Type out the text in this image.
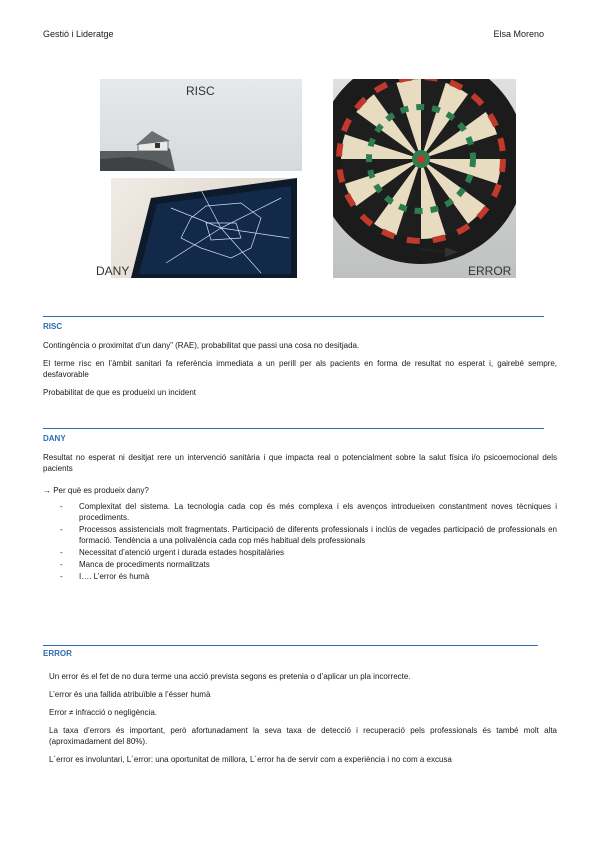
Gestió i Lideratge	Elsa Moreno
RISC
DANY	ERROR
RISC

Contingència o proximitat d’un dany” (RAE), probabilitat que passi una cosa no desitjada.

El terme risc en l’àmbit sanitari fa referència immediata a un perill per als pacients en forma de resultat no esperat i, gairebé sempre, desfavorable

Probabilitat de que es produeixi un incident

DANY

Resultat no esperat ni desitjat rere un intervenció sanitària i que impacta real o potencialment sobre la salut física i/o psicoemocional dels pacients

→ Per què es produeix dany?
- Complexitat del sistema. La tecnologia cada cop és més complexa i els avenços introdueixen constantment noves tècniques i procediments.
- Processos assistencials molt fragmentats. Participació de diferents professionals i inclús de vegades participació de professionals en formació. Tendència a una polivalència cada cop més habitual dels professionals
- Necessitat d’atenció urgent i durada estades hospitalàries
- Manca de procediments normalitzats
- I…. L’error és humà
ERROR

Un error és el fet de no dura terme una acció prevista segons es pretenia o d’aplicar un pla incorrecte.

L’error és una fallida atribuïble a l’ésser humà

Error ≠ infracció o negligència.

La taxa d’errors és important, però afortunadament la seva taxa de detecció i recuperació pels professionals és també molt alta (aproximadament del 80%).

L´error es involuntari, L´error: una oportunitat de millora, L´error ha de servir com a experiència i no com a excusa
